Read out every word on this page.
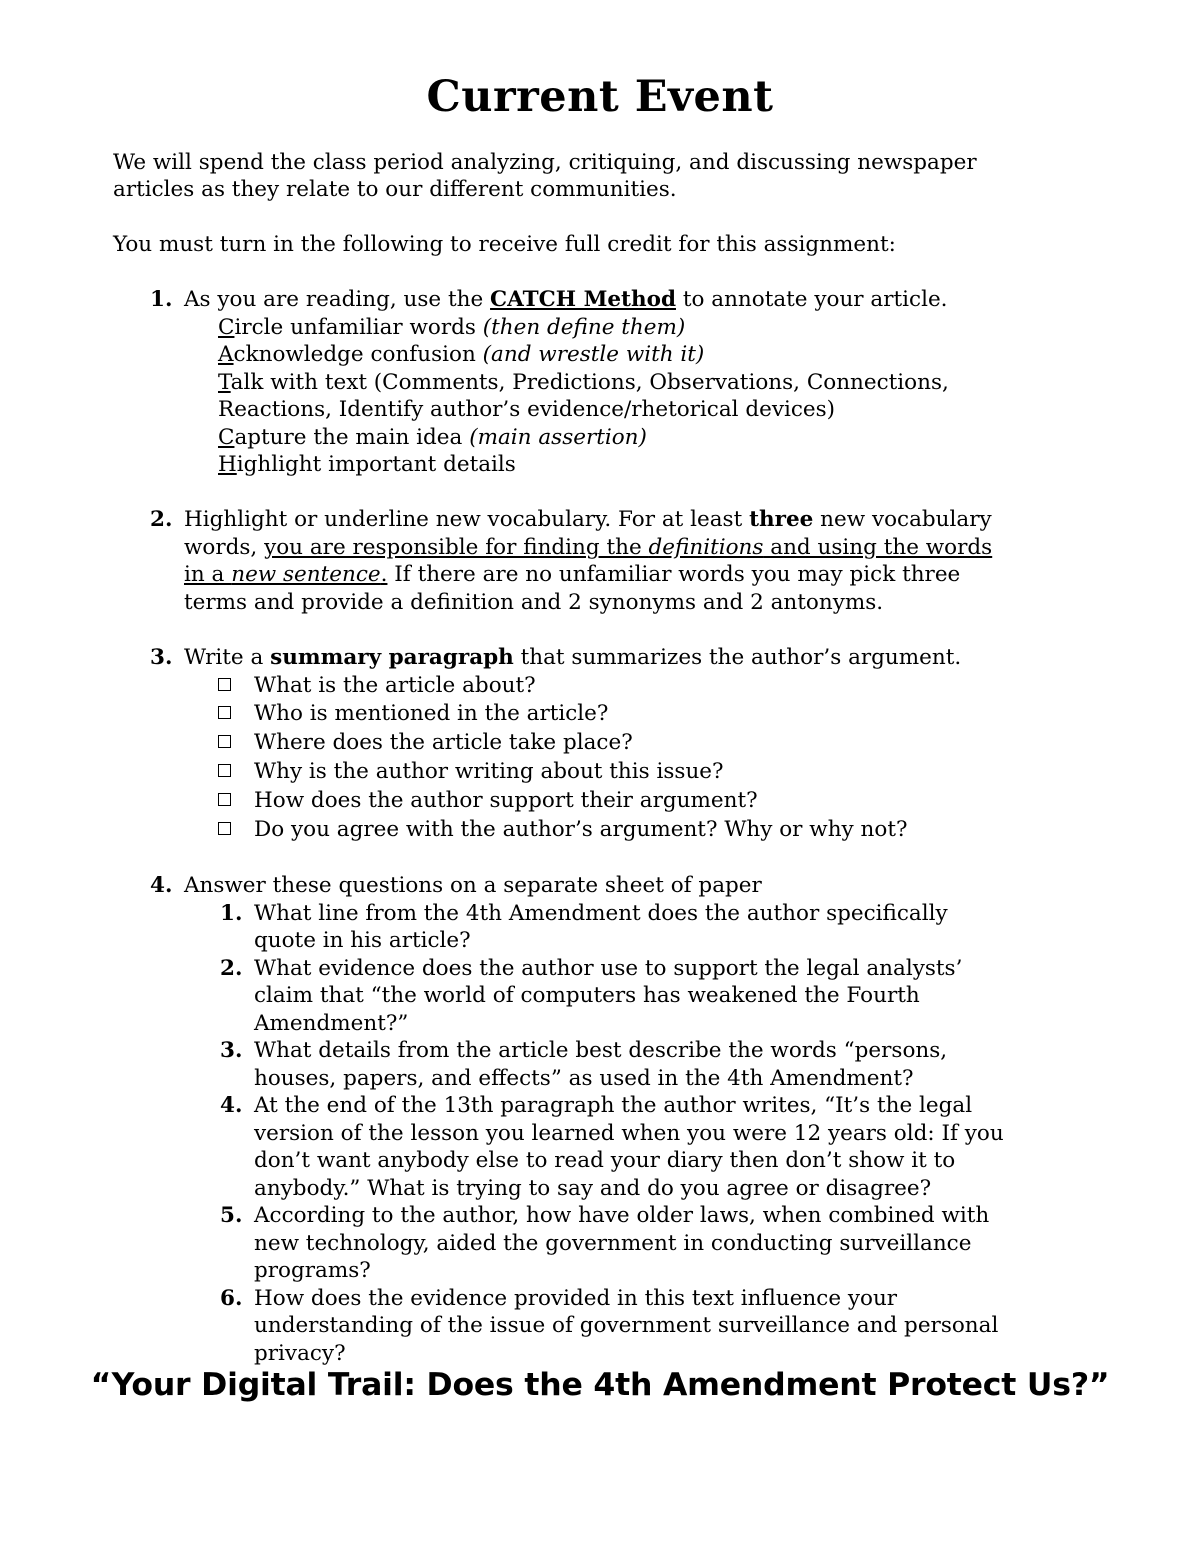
Current Event
We will spend the class period analyzing, critiquing, and discussing newspaper
articles as they relate to our different communities.
You must turn in the following to receive full credit for this assignment:
1. As you are reading, use the CATCH Method to annotate your article.
Circle unfamiliar words (then define them)
Acknowledge confusion (and wrestle with it)
Talk with text (Comments, Predictions, Observations, Connections,
Reactions, Identify author’s evidence/rhetorical devices)
Capture the main idea (main assertion)
Highlight important details
2. Highlight or underline new vocabulary. For at least three new vocabulary
words, you are responsible for finding the definitions and using the words
in a new sentence. If there are no unfamiliar words you may pick three
terms and provide a definition and 2 synonyms and 2 antonyms.
3. Write a summary paragraph that summarizes the author’s argument.
What is the article about?
Who is mentioned in the article?
Where does the article take place?
Why is the author writing about this issue?
How does the author support their argument?
Do you agree with the author’s argument? Why or why not?
4. Answer these questions on a separate sheet of paper
1. What line from the 4th Amendment does the author specifically
quote in his article?
2. What evidence does the author use to support the legal analysts’
claim that “the world of computers has weakened the Fourth
Amendment?”
3. What details from the article best describe the words “persons,
houses, papers, and effects” as used in the 4th Amendment?
4. At the end of the 13th paragraph the author writes, “It’s the legal
version of the lesson you learned when you were 12 years old: If you
don’t want anybody else to read your diary then don’t show it to
anybody.” What is trying to say and do you agree or disagree?
5. According to the author, how have older laws, when combined with
new technology, aided the government in conducting surveillance
programs?
6. How does the evidence provided in this text influence your
understanding of the issue of government surveillance and personal
privacy?
“Your Digital Trail: Does the 4th Amendment Protect Us?”
